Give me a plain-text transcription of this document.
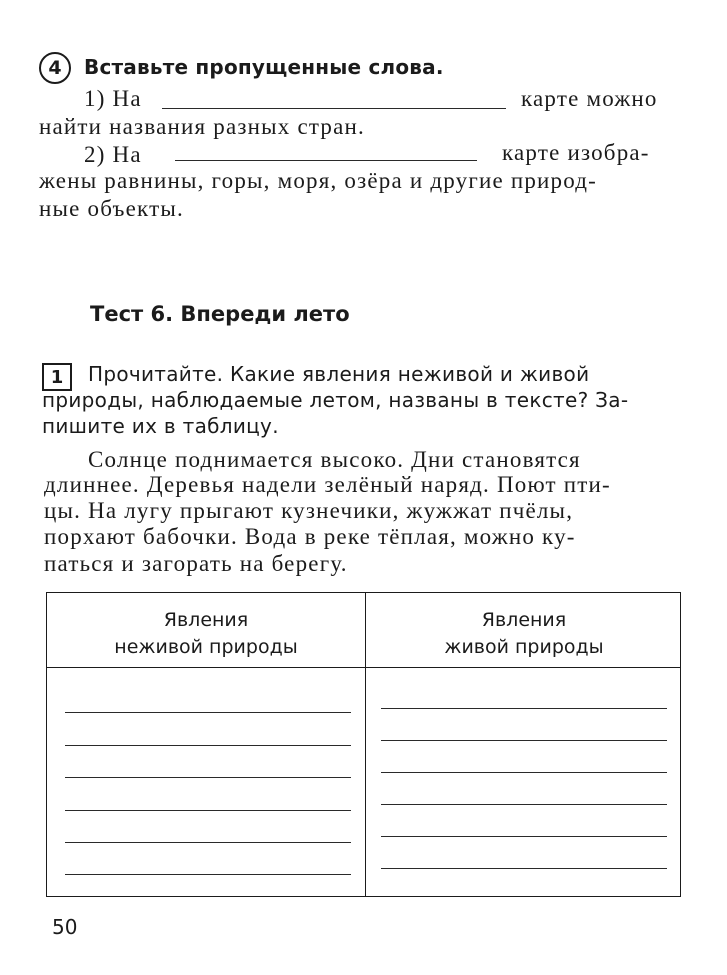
4	Вставьте пропущенные слова.
1) На	карте можно
найти названия разных стран.
2) На	карте изобра-
жены равнины, горы, моря, озёра и другие природ-
ные объекты.
Тест 6. Впереди лето
1	Прочитайте. Какие явления неживой и живой
природы, наблюдаемые летом, названы в тексте? За-
пишите их в таблицу.
Солнце поднимается высоко. Дни становятся
длиннее. Деревья надели зелёный наряд. Поют пти-
цы. На лугу прыгают кузнечики, жужжат пчёлы,
порхают бабочки. Вода в реке тёплая, можно ку-
паться и загорать на берегу.
Явления
неживой природы
Явления
живой природы
50
